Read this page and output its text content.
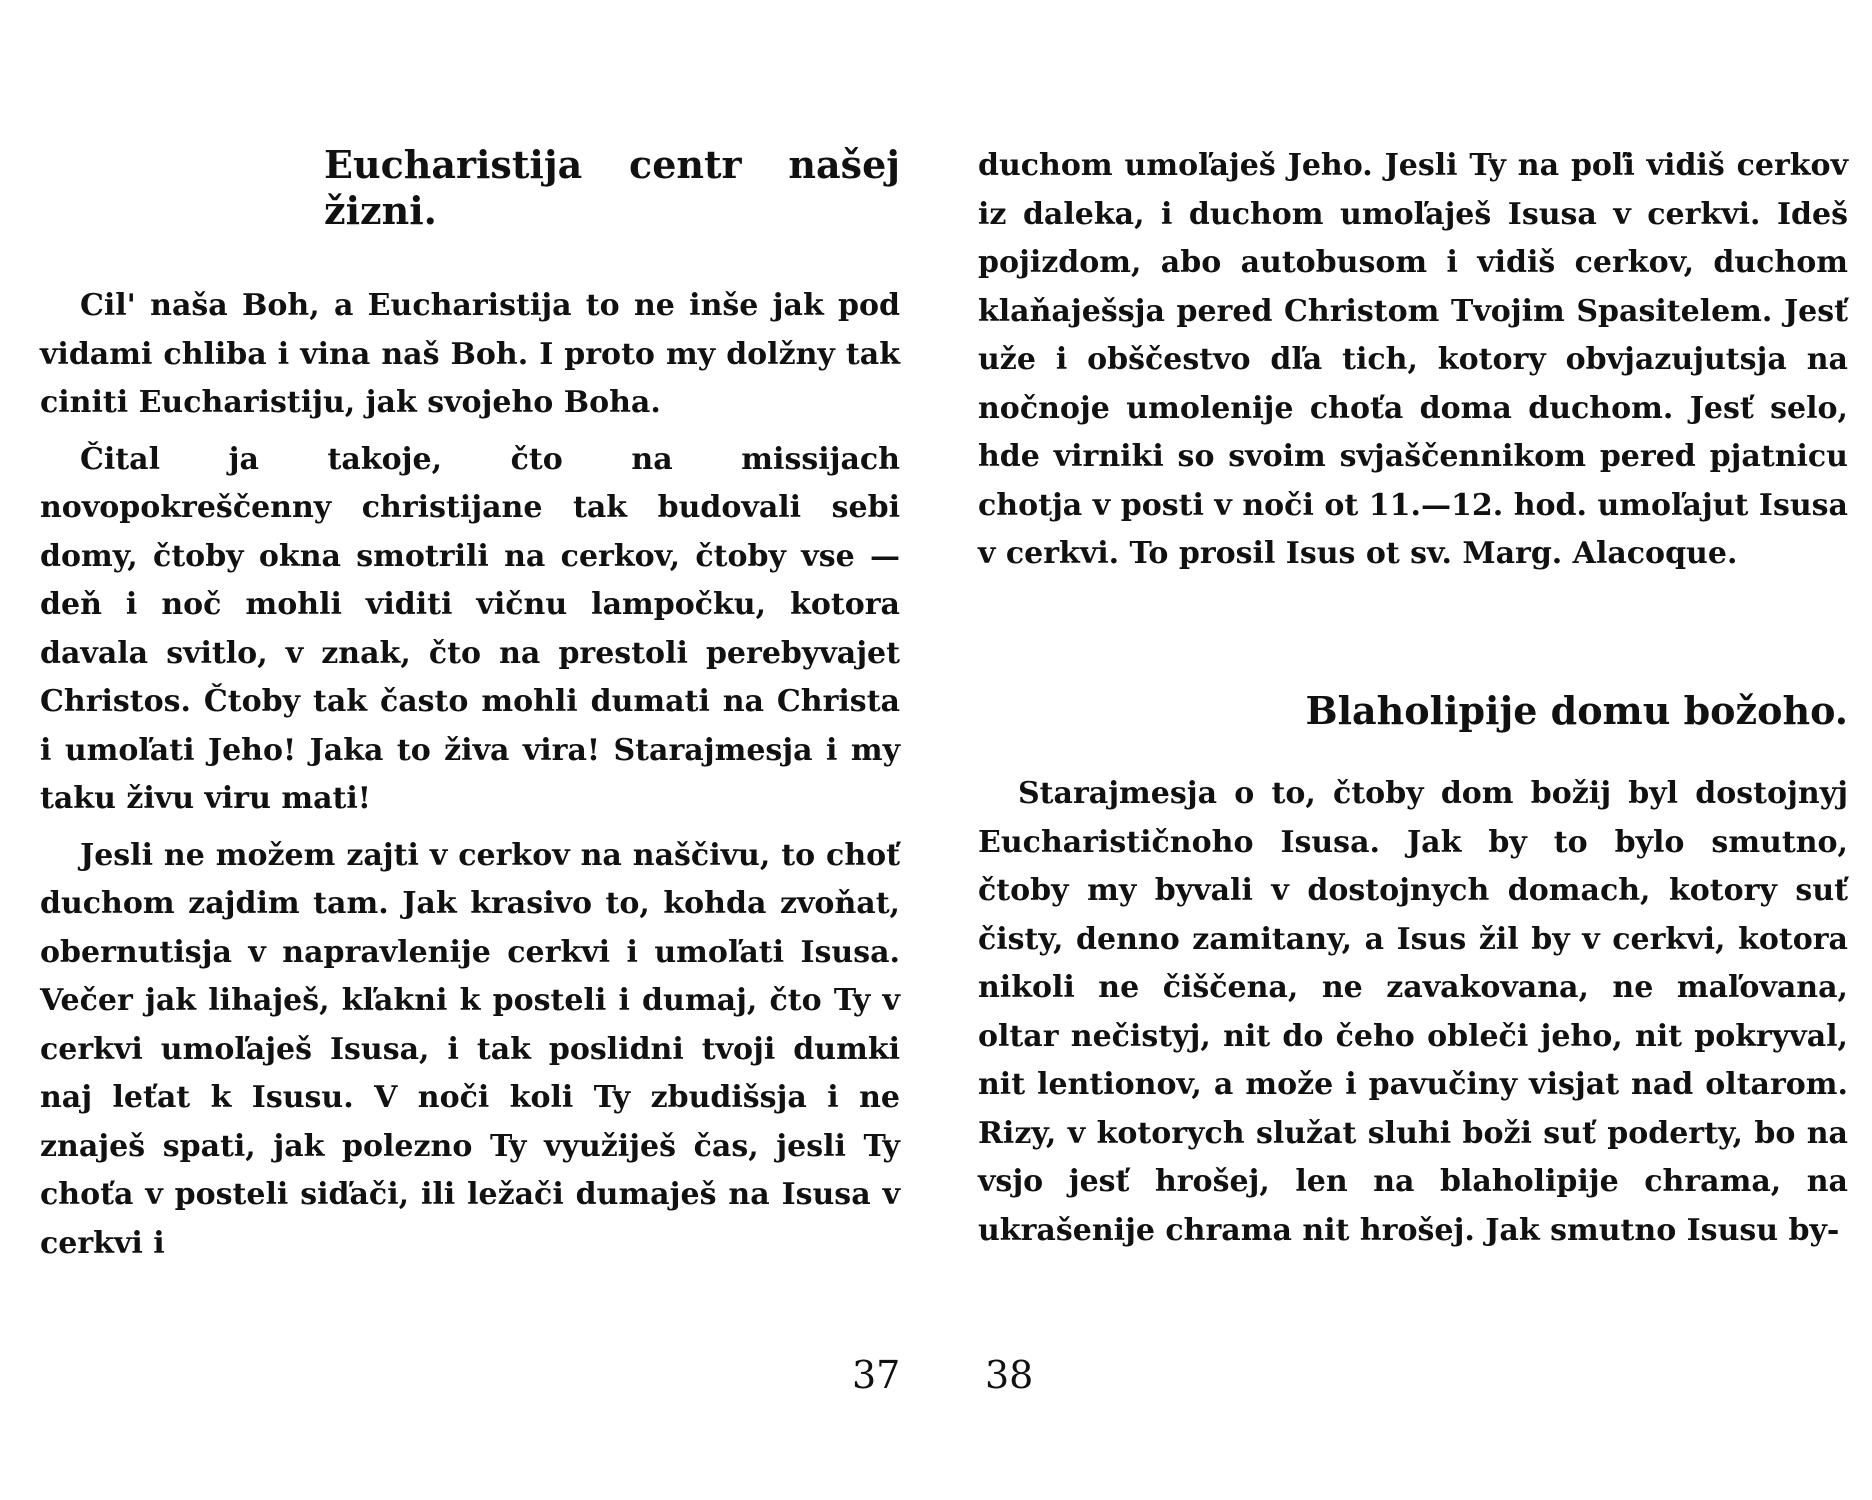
Eucharistija centr našej žizni.

Cil' naša Boh, a Eucharistija to ne inše jak pod vidami chliba i vina naš Boh. I proto my dolžny tak ciniti Eucharistiju, jak svojeho Boha.

Čital ja takoje, čto na missijach novopokreščenny christijane tak budovali sebi domy, čtoby okna smotrili na cerkov, čtoby vse — deň i noč mohli viditi vičnu lampočku, kotora davala svitlo, v znak, čto na prestoli perebyvajet Christos. Čtoby tak často mohli dumati na Christa i umoľati Jeho! Jaka to živa vira! Starajmesja i my taku živu viru mati!

Jesli ne možem zajti v cerkov na naščivu, to choť duchom zajdim tam. Jak krasivo to, kohda zvoňat, obernutisja v napravlenije cerkvi i umoľati Isusa. Večer jak lihaješ, kľakni k posteli i dumaj, čto Ty v cerkvi umoľaješ Isusa, i tak poslidni tvoji dumki naj leťat k Isusu. V noči koli Ty zbudišsja i ne znaješ spati, jak polezno Ty využiješ čas, jesli Ty choťa v posteli siďači, ili ležači dumaješ na Isusa v cerkvi i

37

duchom umoľaješ Jeho. Jesli Ty na poľi vidiš cerkov iz daleka, i duchom umoľaješ Isusa v cerkvi. Ideš pojizdom, abo autobusom i vidiš cerkov, duchom klaňaješsja pered Christom Tvojim Spasitelem. Jesť uže i obščestvo dľa tich, kotory obvjazujutsja na nočnoje umolenije choťa doma duchom. Jesť selo, hde virniki so svoim svjaščennikom pered pjatnicu chotja v posti v noči ot 11.—12. hod. umoľajut Isusa v cerkvi. To prosil Isus ot sv. Marg. Alacoque.

Blaholipije domu božoho.

Starajmesja o to, čtoby dom božij byl dostojnyj Eucharističnoho Isusa. Jak by to bylo smutno, čtoby my byvali v dostojnych domach, kotory suť čisty, denno zamitany, a Isus žil by v cerkvi, kotora nikoli ne čiščena, ne zavakovana, ne maľovana, oltar nečistyj, nit do čeho obleči jeho, nit pokryval, nit lentionov, a može i pavučiny visjat nad oltarom. Rizy, v kotorych služat sluhi boži suť poderty, bo na vsjo jesť hrošej, len na blaholipije chrama, na ukrašenije chrama nit hrošej. Jak smutno Isusu by-

38
